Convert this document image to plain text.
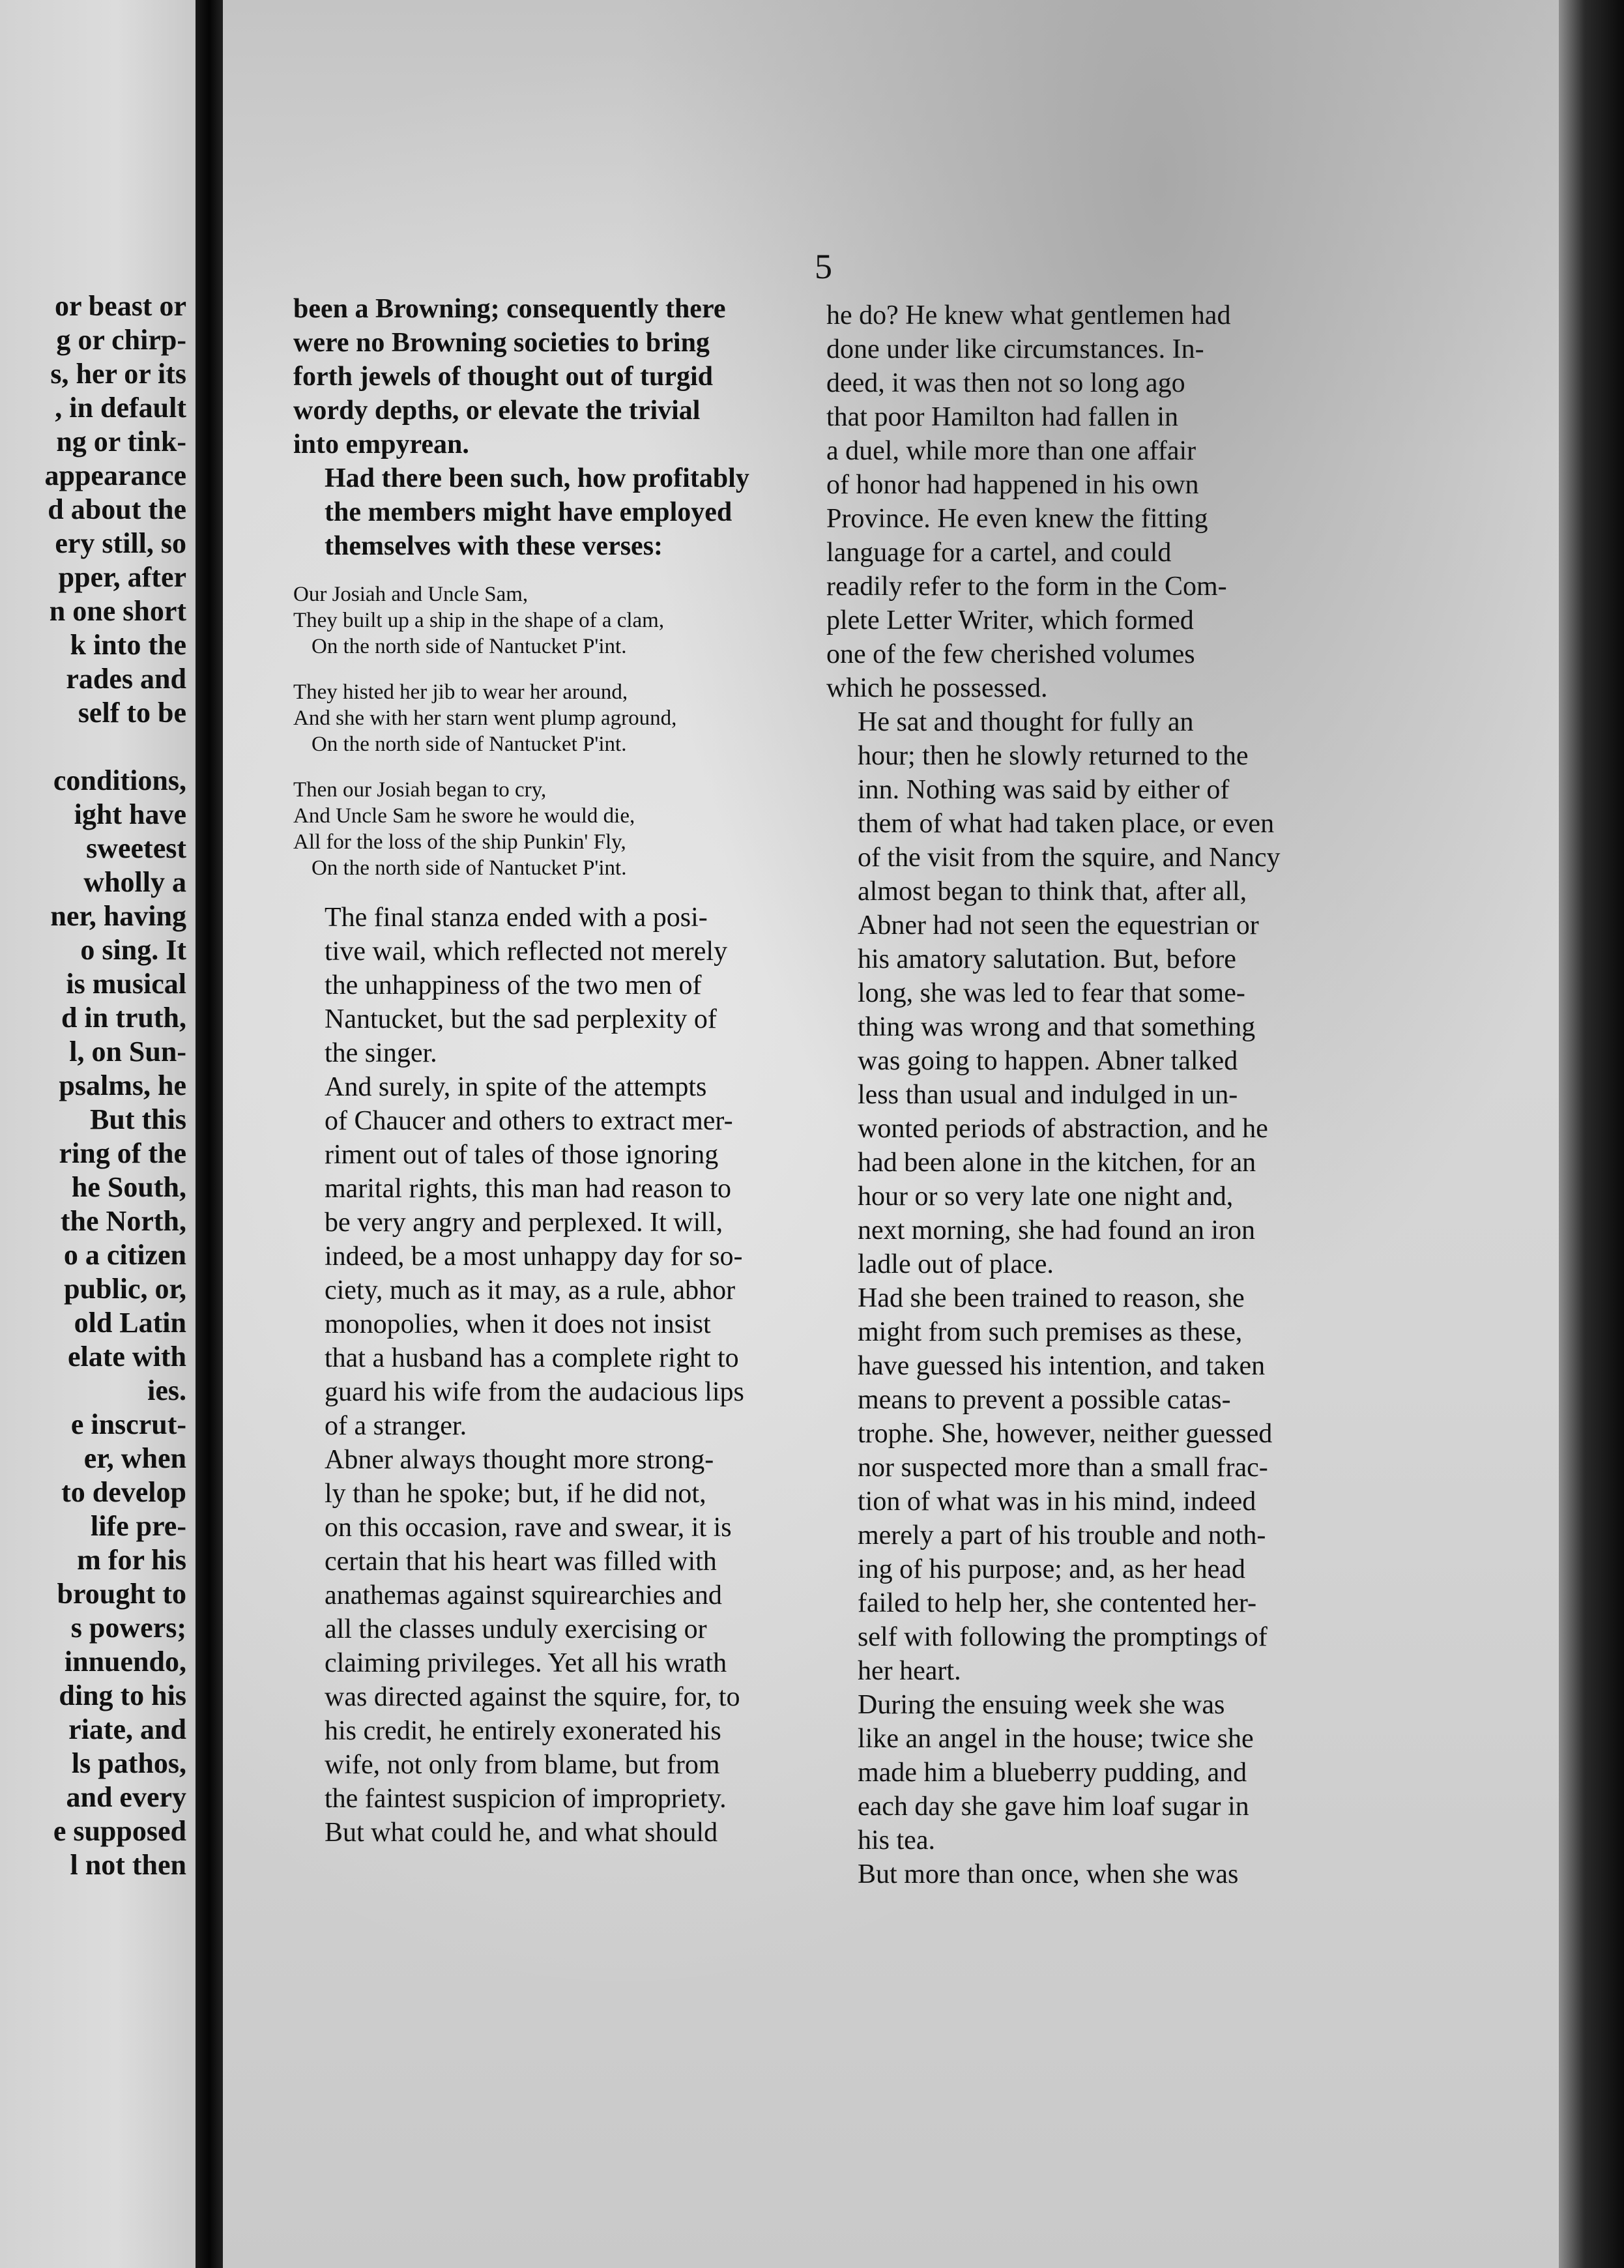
or beast or
g or chirp-
s, her or its
, in default
ng or tink-
appearance
d about the
ery still, so
pper, after
n one short
k into the
rades and
self to be
conditions,
ight have
sweetest
wholly a
ner, having
o sing. It
is musical
d in truth,
l, on Sun-
psalms, he
But this
ring of the
he South,
the North,
o a citizen
public, or,
old Latin
elate with
ies.
e inscrut-
er, when
to develop
life pre-
m for his
brought to
s powers;
innuendo,
ding to his
riate, and
ls pathos,
and every
e supposed
l not then
5

been a Browning; consequently there
were no Browning societies to bring
forth jewels of thought out of turgid
wordy depths, or elevate the trivial
into empyrean.

Had there been such, how profitably
the members might have employed
themselves with these verses:

Our Josiah and Uncle Sam,
They built up a ship in the shape of a clam,
On the north side of Nantucket P'int.
They histed her jib to wear her around,
And she with her starn went plump aground,
On the north side of Nantucket P'int.
Then our Josiah began to cry,
And Uncle Sam he swore he would die,
All for the loss of the ship Punkin' Fly,
On the north side of Nantucket P'int.

The final stanza ended with a posi-
tive wail, which reflected not merely
the unhappiness of the two men of
Nantucket, but the sad perplexity of
the singer.

And surely, in spite of the attempts
of Chaucer and others to extract mer-
riment out of tales of those ignoring
marital rights, this man had reason to
be very angry and perplexed. It will,
indeed, be a most unhappy day for so-
ciety, much as it may, as a rule, abhor
monopolies, when it does not insist
that a husband has a complete right to
guard his wife from the audacious lips
of a stranger.

Abner always thought more strong-
ly than he spoke; but, if he did not,
on this occasion, rave and swear, it is
certain that his heart was filled with
anathemas against squirearchies and
all the classes unduly exercising or
claiming privileges. Yet all his wrath
was directed against the squire, for, to
his credit, he entirely exonerated his
wife, not only from blame, but from
the faintest suspicion of impropriety.

But what could he, and what should

he do? He knew what gentlemen had
done under like circumstances. In-
deed, it was then not so long ago
that poor Hamilton had fallen in
a duel, while more than one affair
of honor had happened in his own
Province. He even knew the fitting
language for a cartel, and could
readily refer to the form in the Com-
plete Letter Writer, which formed
one of the few cherished volumes
which he possessed.

He sat and thought for fully an
hour; then he slowly returned to the
inn. Nothing was said by either of
them of what had taken place, or even
of the visit from the squire, and Nancy
almost began to think that, after all,
Abner had not seen the equestrian or
his amatory salutation. But, before
long, she was led to fear that some-
thing was wrong and that something
was going to happen. Abner talked
less than usual and indulged in un-
wonted periods of abstraction, and he
had been alone in the kitchen, for an
hour or so very late one night and,
next morning, she had found an iron
ladle out of place.

Had she been trained to reason, she
might from such premises as these,
have guessed his intention, and taken
means to prevent a possible catas-
trophe. She, however, neither guessed
nor suspected more than a small frac-
tion of what was in his mind, indeed
merely a part of his trouble and noth-
ing of his purpose; and, as her head
failed to help her, she contented her-
self with following the promptings of
her heart.

During the ensuing week she was
like an angel in the house; twice she
made him a blueberry pudding, and
each day she gave him loaf sugar in
his tea.

But more than once, when she was
